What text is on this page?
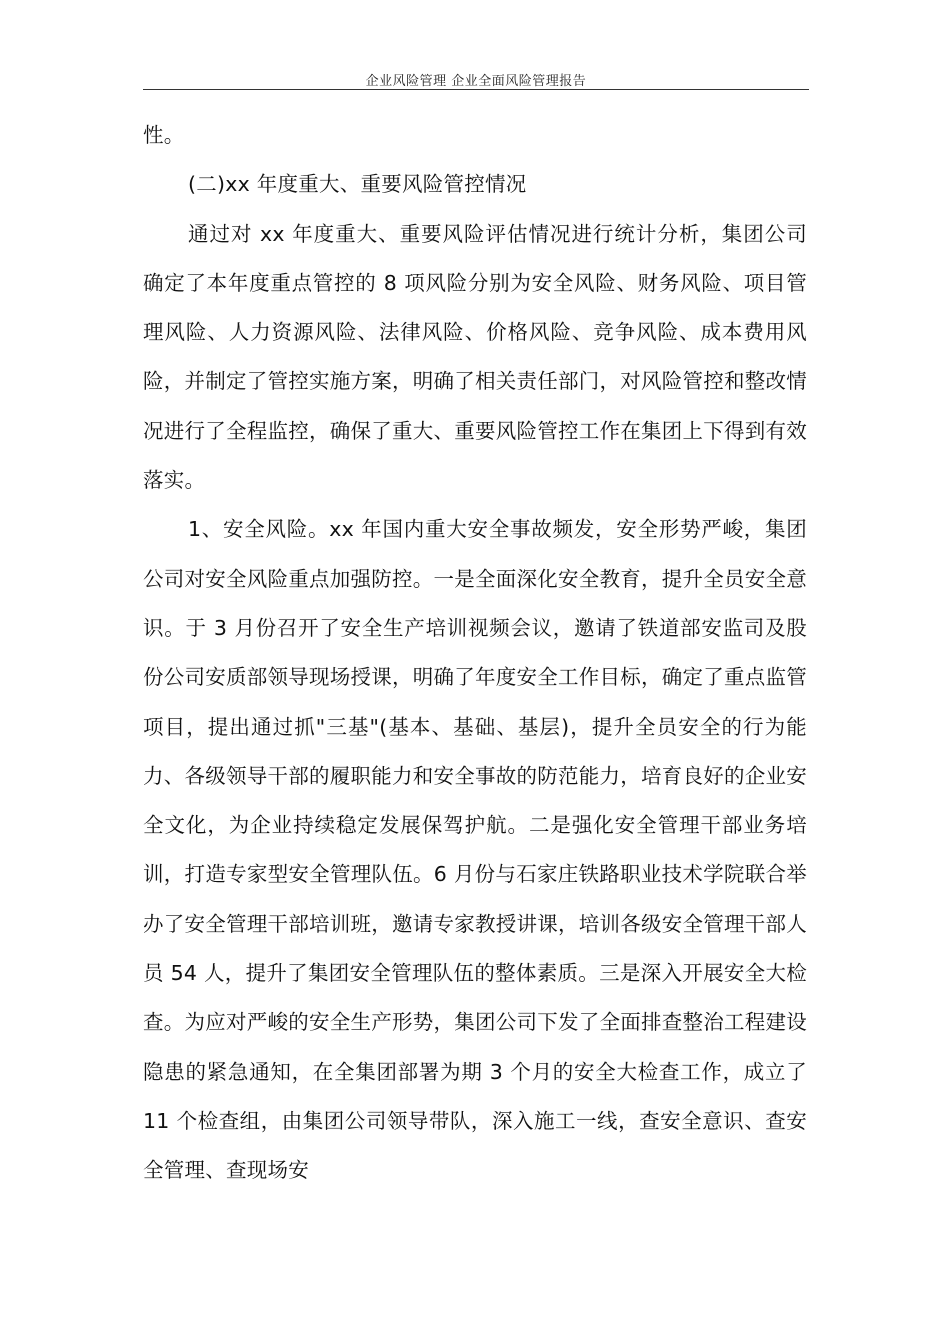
企业风险管理 企业全面风险管理报告

性。

(二)xx 年度重大、重要风险管控情况

通过对 xx 年度重大、重要风险评估情况进行统计分析，集团公司确定了本年度重点管控的 8 项风险分别为安全风险、财务风险、项目管理风险、人力资源风险、法律风险、价格风险、竞争风险、成本费用风险，并制定了管控实施方案，明确了相关责任部门，对风险管控和整改情况进行了全程监控，确保了重大、重要风险管控工作在集团上下得到有效落实。

1、安全风险。xx 年国内重大安全事故频发，安全形势严峻，集团公司对安全风险重点加强防控。一是全面深化安全教育，提升全员安全意识。于 3 月份召开了安全生产培训视频会议，邀请了铁道部安监司及股份公司安质部领导现场授课，明确了年度安全工作目标，确定了重点监管项目，提出通过抓"三基"(基本、基础、基层)，提升全员安全的行为能力、各级领导干部的履职能力和安全事故的防范能力，培育良好的企业安全文化，为企业持续稳定发展保驾护航。二是强化安全管理干部业务培训，打造专家型安全管理队伍。6 月份与石家庄铁路职业技术学院联合举办了安全管理干部培训班，邀请专家教授讲课，培训各级安全管理干部人员 54 人，提升了集团安全管理队伍的整体素质。三是深入开展安全大检查。为应对严峻的安全生产形势，集团公司下发了全面排查整治工程建设隐患的紧急通知，在全集团部署为期 3 个月的安全大检查工作，成立了 11 个检查组，由集团公司领导带队，深入施工一线，查安全意识、查安全管理、查现场安
